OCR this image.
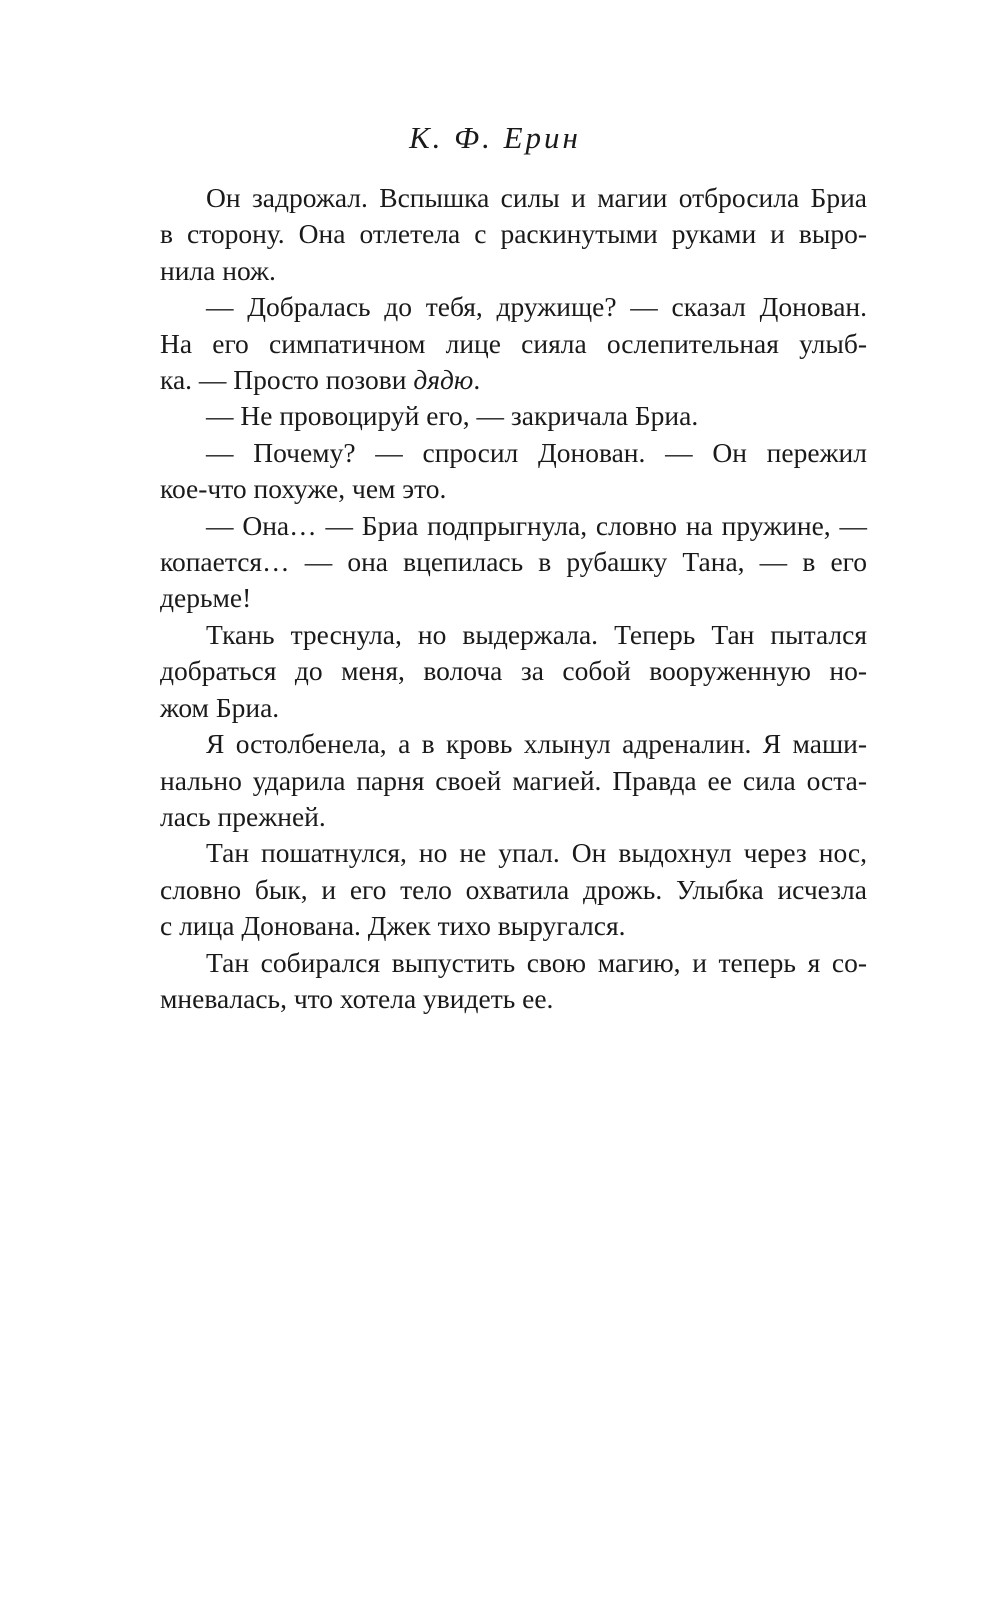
К. Ф. Ерин

Он задрожал. Вспышка силы и магии отбросила Бриа
в сторону. Она отлетела с раскинутыми руками и выро-
нила нож.

— Добралась до тебя, дружище? — сказал Донован.
На его симпатичном лице сияла ослепительная улыб-
ка. — Просто позови дядю.

— Не провоцируй его, — закричала Бриа.

— Почему? — спросил Донован. — Он пережил
кое-что похуже, чем это.

— Она… — Бриа подпрыгнула, словно на пружине, —
копается… — она вцепилась в рубашку Тана, — в его
дерьме!

Ткань треснула, но выдержала. Теперь Тан пытался
добраться до меня, волоча за собой вооруженную но-
жом Бриа.

Я остолбенела, а в кровь хлынул адреналин. Я маши-
нально ударила парня своей магией. Правда ее сила оста-
лась прежней.

Тан пошатнулся, но не упал. Он выдохнул через нос,
словно бык, и его тело охватила дрожь. Улыбка исчезла
с лица Донована. Джек тихо выругался.

Тан собирался выпустить свою магию, и теперь я со-
мневалась, что хотела увидеть ее.
